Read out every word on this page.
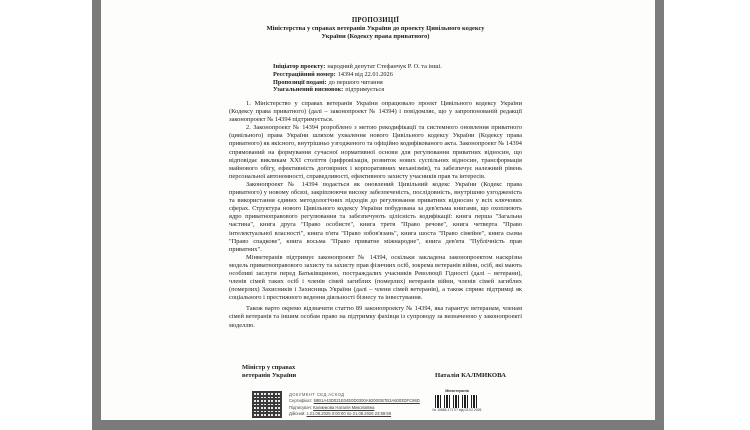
ПРОПОЗИЦІЇ
Міністерства у справах ветеранів України до проекту Цивільного кодексу
України (Кодексу права приватного)
Ініціатор проекту: народний депутат Стефанчук Р. О. та інші.
Реєстраційний номер: 14394 від 22.01.2026
Пропозиції подані: до першого читання
Узагальнений висновок: підтримується

1. Міністерство у справах ветеранів України опрацювало проект Цивільного кодексу України (Кодексу права приватного) (далі – законопроект № 14394) і повідомляє, що у запропонованій редакції законопроект № 14394 підтримується.

2. Законопроект № 14394 розроблено з метою рекодифікації та системного оновлення приватного (цивільного) права України шляхом ухвалення нового Цивільного кодексу України (Кодексу права приватного) як якісного, внутрішньо узгодженого та офіційно кодифікованого акта. Законопроект № 14394 спрямований на формування сучасної нормативної основи для регулювання приватних відносин, що відповідає викликам XXI століття (цифровізація, розвиток нових суспільних відносин, трансформація майнового обігу, ефективність договірних і корпоративних механізмів), та забезпечує належний рівень персональної автономності, справедливості, ефективного захисту учасників прав та інтересів.

Законопроект № 14394 подається як оновлений Цивільний кодекс України (Кодекс права приватного) у новому обсязі, закріплюючи високу забезпеченість, послідовність, внутрішню узгодженість та використання єдиних методологічних підходів до регулювання приватних відносин у всіх ключових сферах. Структура нового Цивільного кодексу України побудована за дев'ятьма книгами, що охоплюють ядро приватноправового регулювання та забезпечують цілісність кодифікації: книга перша "Загальна частина", книга друга "Право особисте", книга третя "Право речове", книга четверта "Право інтелектуальної власності", книга п'ята "Право зобов'язань", книга шоста "Право сімейне", книга сьома "Право спадкове", книга восьма "Право приватне міжнародне", книга дев'ята "Публічність прав приватних".

Мінветеранів підтримує законопроект № 14394, оскільки закладена законопроектом наскрізна модель приватноправового захисту та захисту прав фізичних осіб, зокрема ветеранів війни, осіб, які мають особливі заслуги перед Батьківщиною, постраждалих учасників Революції Гідності (далі – ветерани), членів сімей таких осіб і членів сімей загиблих (померлих) ветеранів війни, членів сімей загиблих (померлих) Захисників і Захисниць України (далі – члени сімей ветеранів), а також сприяє підтримці як соціального і престижного ведення діяльності бізнесу та інвестування.

Також варто окремо відзначити статтю 89 законопроекту № 14394, яка гарантує ветеранам, членам сімей ветеранів та іншим особам право на підтримку фахівця із супроводу за визначеною у законопроекті моделлю.

Міністр у справах
ветеранів України	Наталія КАЛМИКОВА
ДОКУМЕНТ СЕД АСКОД
Сертифікат: 58B1A43D021E04E0D0300A9200GB7B2A6003DFC96D
Підписувач: Калмикова Наталія Миколаївна
Дійсний: з 21.08.2025 0:00:00 по 21.08.2026 23:59:59
Мінветеранів
№ 10665-1717/7 від 03.02.2026
